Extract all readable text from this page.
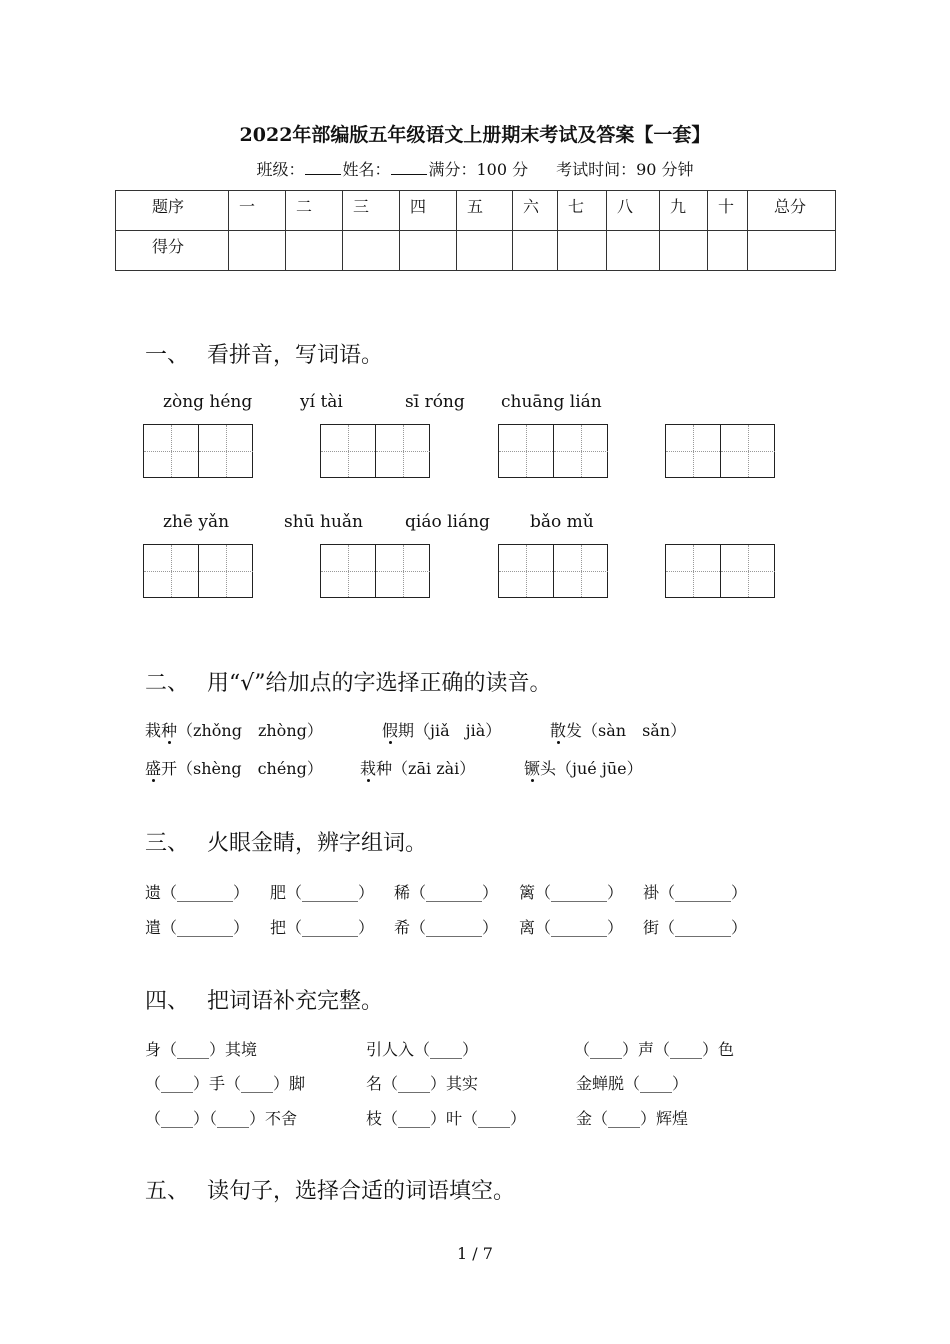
2022年部编版五年级语文上册期末考试及答案【一套】
班级： 姓名： 满分：100 分 考试时间：90 分钟
题序	一	二	三	四	五	六	七	八	九	十	总分
得分											
一、 看拼音，写词语。
zòng héng	yí tài	sī róng chuāng lián
zhē yǎn	shū huǎn qiáo liáng bǎo mǔ
二、 用“√”给加点的字选择正确的读音。
栽种（zhǒng　zhòng）	假期（jiǎ　jià）	散发（sàn　sǎn）
盛开（shèng　chéng） 栽种（zāi zài）	镢头（jué jūe）
三、 火眼金睛，辨字组词。
遗（_______） 肥（_______） 稀（_______） 篱（_______） 褂（_______）
遣（_______） 把（_______） 希（_______） 离（_______） 街（_______）
四、 把词语补充完整。
身（____）其境	引人入（____）	（____）声（____）色
（____）手（____）脚	名（____）其实	金蝉脱（____）
（____）（____）不舍	枝（____）叶（____）	金（____）辉煌
五、 读句子，选择合适的词语填空。
1 / 7
